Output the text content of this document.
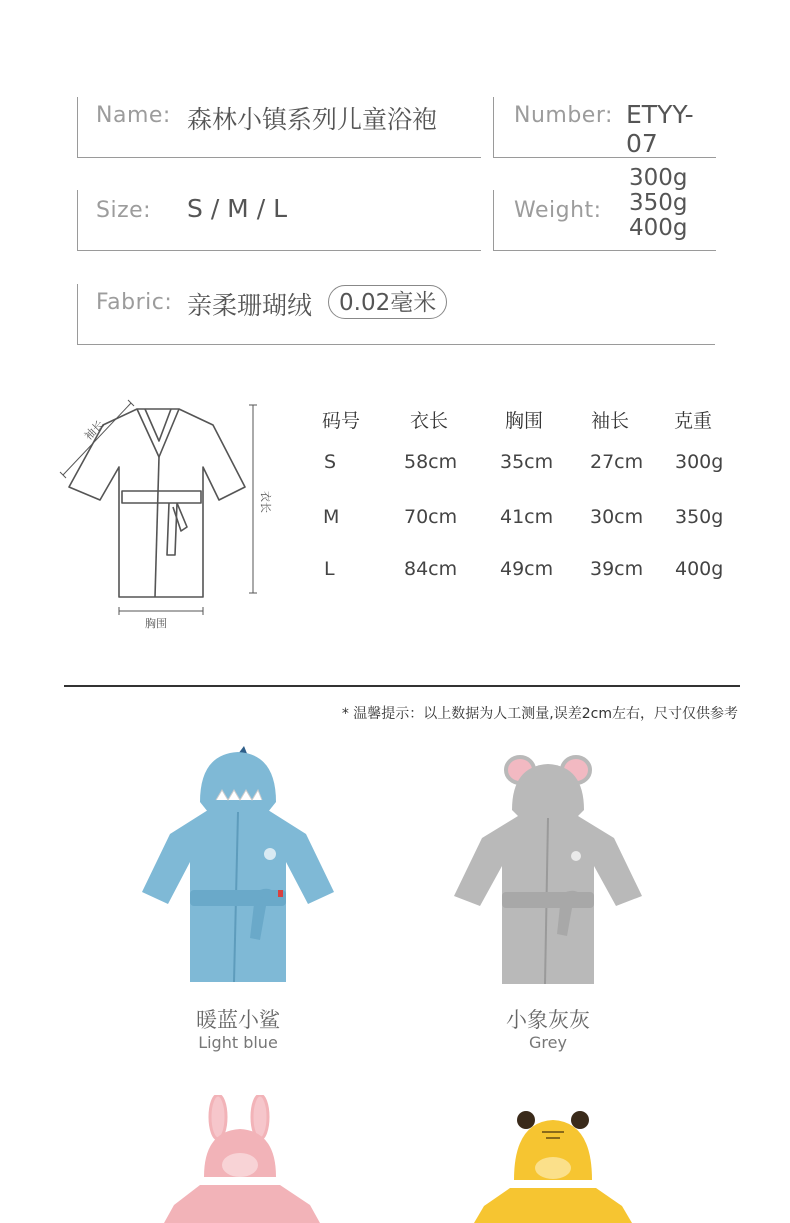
Name: 森林小镇系列儿童浴袍	Number: ETYY-07
Size: S / M / L	Weight:
300g
350g
400g
Fabric: 亲柔珊瑚绒	0.02毫米
袖长
衣长
胸围
码号	衣长	胸围	袖长 克重
S	58cm 35cm 27cm 300g
M	70cm 41cm 30cm 350g
L	84cm 49cm 39cm 400g
* 温馨提示：以上数据为人工测量,误差2cm左右，尺寸仅供参考
暖蓝小鲨
Light blue
小象灰灰
Grey
